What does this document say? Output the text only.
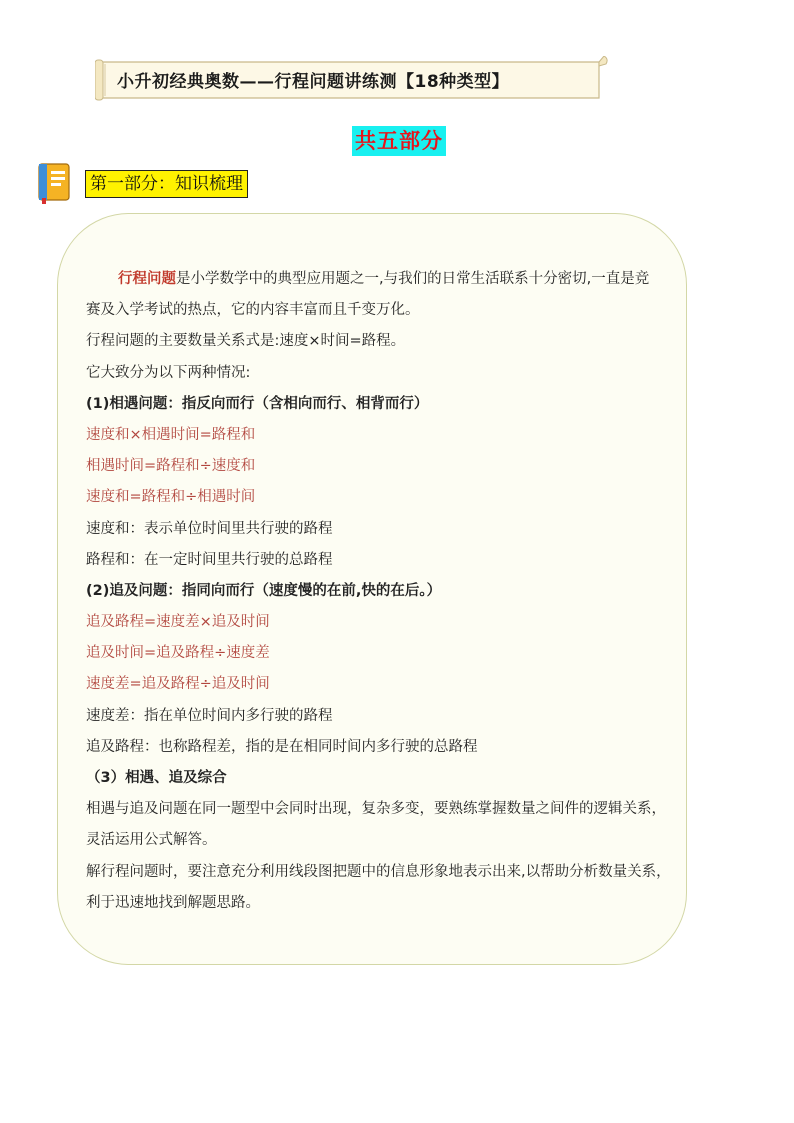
小升初经典奥数——行程问题讲练测【18种类型】
共五部分
第一部分：知识梳理
行程问题是小学数学中的典型应用题之一,与我们的日常生活联系十分密切,一直是竞
赛及入学考试的热点，它的内容丰富而且千变万化。
行程问题的主要数量关系式是:速度×时间=路程。
它大致分为以下两种情况:
(1)相遇问题：指反向而行（含相向而行、相背而行）
速度和×相遇时间=路程和
相遇时间=路程和÷速度和
速度和=路程和÷相遇时间
速度和：表示单位时间里共行驶的路程
路程和：在一定时间里共行驶的总路程
(2)追及问题：指同向而行（速度慢的在前,快的在后。）
追及路程=速度差×追及时间
追及时间=追及路程÷速度差
速度差=追及路程÷追及时间
速度差：指在单位时间内多行驶的路程
追及路程：也称路程差，指的是在相同时间内多行驶的总路程
（3）相遇、追及综合
相遇与追及问题在同一题型中会同时出现，复杂多变，要熟练掌握数量之间件的逻辑关系，
灵活运用公式解答。
解行程问题时，要注意充分利用线段图把题中的信息形象地表示出来,以帮助分析数量关系，
利于迅速地找到解题思路。
